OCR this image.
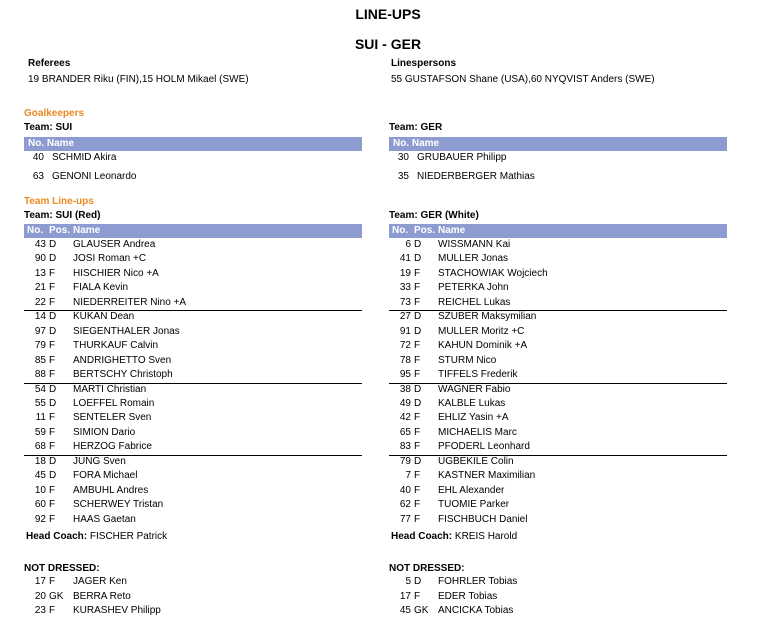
LINE-UPS
SUI - GER
Referees
19 BRANDER Riku (FIN),15 HOLM Mikael (SWE)
Linespersons
55 GUSTAFSON Shane (USA),60 NYQVIST Anders (SWE)
Goalkeepers
Team: SUI	Team: GER
No. Name	No. Name
40 SCHMID Akira
63 GENONI Leonardo
30 GRUBAUER Philipp
35 NIEDERBERGER Mathias
Team Line-ups
Team: SUI (Red)	Team: GER (White)
No. Pos. Name	No. Pos. Name
43 D	GLAUSER Andrea
90 D	JOSI Roman +C
13 F	HISCHIER Nico +A
21 F	FIALA Kevin
22 F	NIEDERREITER Nino +A
14 D	KUKAN Dean
97 D	SIEGENTHALER Jonas
79 F	THURKAUF Calvin
85 F	ANDRIGHETTO Sven
88 F	BERTSCHY Christoph
54 D	MARTI Christian
55 D	LOEFFEL Romain
11 F	SENTELER Sven
59 F	SIMION Dario
68 F	HERZOG Fabrice
18 D	JUNG Sven
45 D	FORA Michael
10 F	AMBUHL Andres
60 F	SCHERWEY Tristan
92 F	HAAS Gaetan
6 D	WISSMANN Kai
41 D	MULLER Jonas
19 F	STACHOWIAK Wojciech
33 F	PETERKA John
73 F	REICHEL Lukas
27 D	SZUBER Maksymilian
91 D	MULLER Moritz +C
72 F	KAHUN Dominik +A
78 F	STURM Nico
95 F	TIFFELS Frederik
38 D	WAGNER Fabio
49 D	KALBLE Lukas
42 F	EHLIZ Yasin +A
65 F	MICHAELIS Marc
83 F	PFODERL Leonhard
79 D	UGBEKILE Colin
7 F	KASTNER Maximilian
40 F	EHL Alexander
62 F	TUOMIE Parker
77 F	FISCHBUCH Daniel
Head Coach: FISCHER Patrick	Head Coach: KREIS Harold
NOT DRESSED:	NOT DRESSED:
17 F	JAGER Ken
20 GK BERRA Reto
23 F	KURASHEV Philipp
5 D	FOHRLER Tobias
17 F	EDER Tobias
45 GK ANCICKA Tobias
